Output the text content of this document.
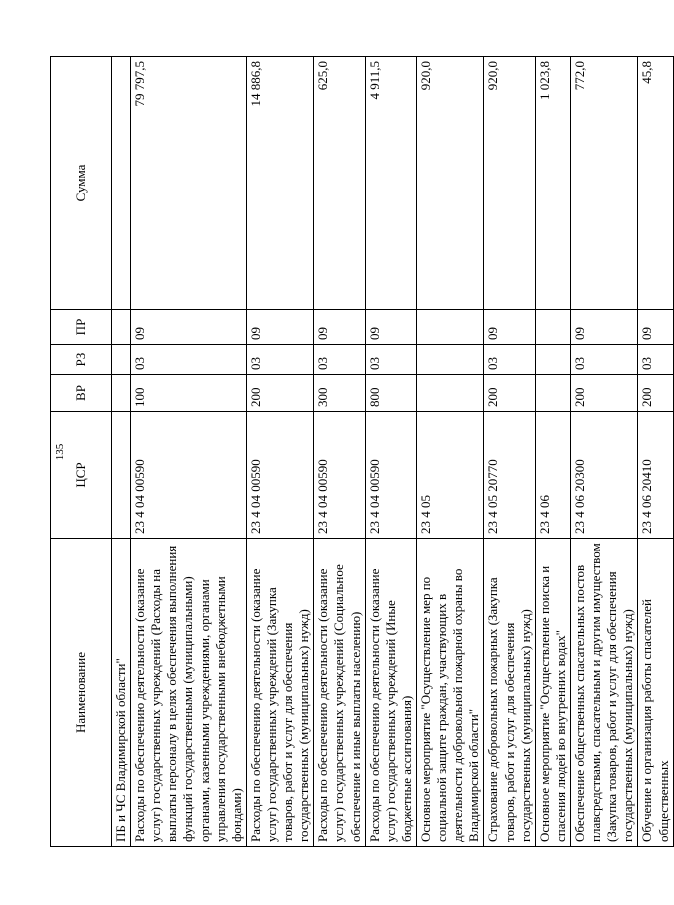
135
Наименование	ЦСР	ВР	РЗ	ПР	Сумма
ПБ и ЧС Владимирской области"					
Расходы по обеспечению деятельности (оказание услуг) государственных учреждений (Расходы на выплаты персоналу в целях обеспечения выполнения функций государственными (муниципальными) органами, казенными учреждениями, органами управления государственными внебюджетными фондами)	23 4 04 00590	100	03	09	79 797,5
Расходы по обеспечению деятельности (оказание услуг) государственных учреждений (Закупка товаров, работ и услуг для обеспечения государственных (муниципальных) нужд)	23 4 04 00590	200	03	09	14 886,8
Расходы по обеспечению деятельности (оказание услуг) государственных учреждений (Социальное обеспечение и иные выплаты населению)	23 4 04 00590	300	03	09	625,0
Расходы по обеспечению деятельности (оказание услуг) государственных учреждений (Иные бюджетные ассигнования)	23 4 04 00590	800	03	09	4 911,5
Основное мероприятие "Осуществление мер по социальной защите граждан, участвующих в деятельности добровольной пожарной охраны во Владимирской области"	23 4 05				920,0
Страхование добровольных пожарных (Закупка товаров, работ и услуг для обеспечения государственных (муниципальных) нужд)	23 4 05 20770	200	03	09	920,0
Основное мероприятие "Осуществление поиска и спасения людей во внутренних водах"	23 4 06				1 023,8
Обеспечение общественных спасательных постов плавсредствами, спасательным и другим имуществом (Закупка товаров, работ и услуг для обеспечения государственных (муниципальных) нужд)	23 4 06 20300	200	03	09	772,0
Обучение и организация работы спасателей общественных	23 4 06 20410	200	03	09	45,8
